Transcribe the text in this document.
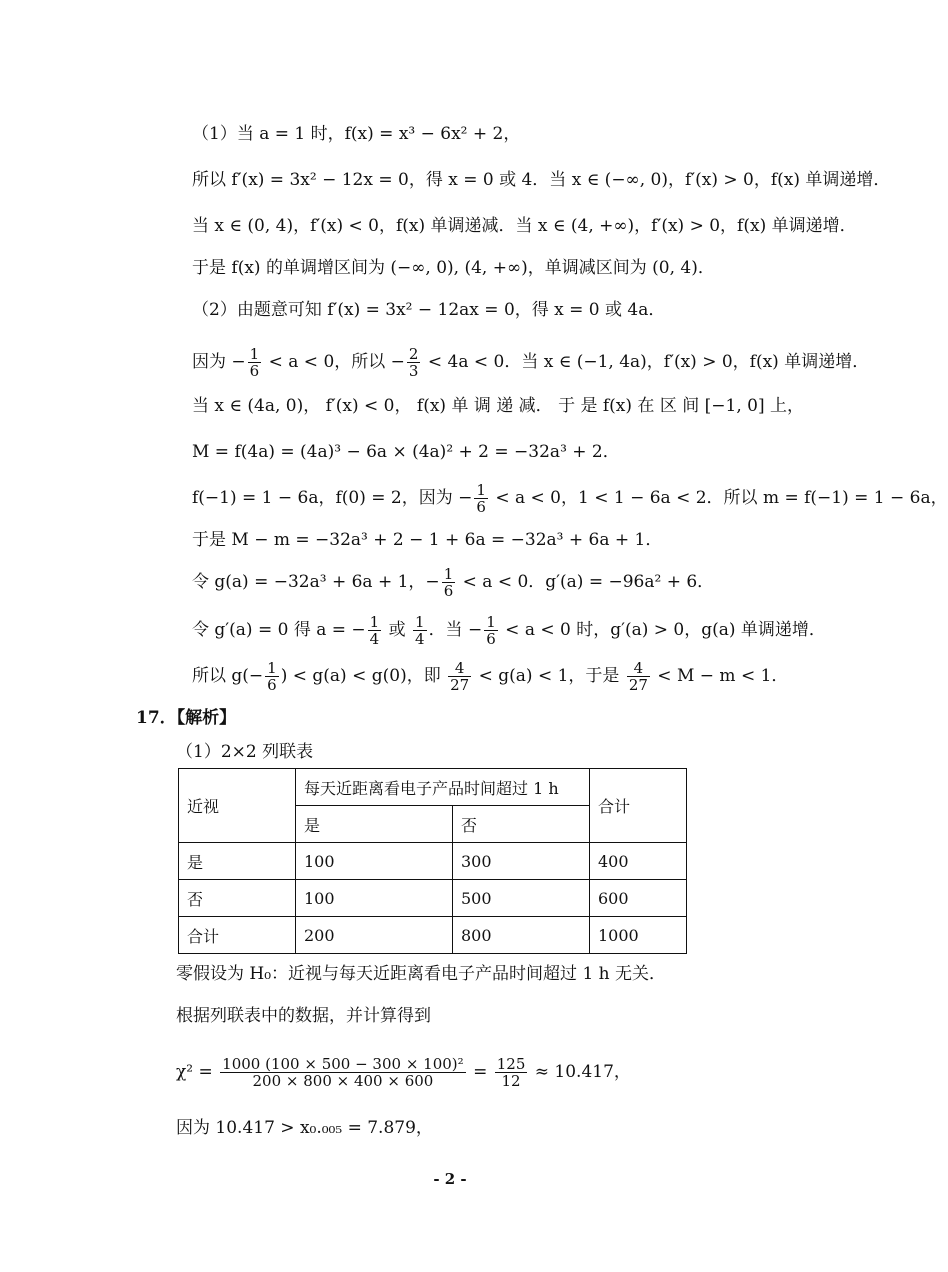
（1）当 a = 1 时，f(x) = x³ − 6x² + 2，
所以 f′(x) = 3x² − 12x = 0，得 x = 0 或 4．当 x ∈ (−∞, 0)，f′(x) > 0，f(x) 单调递增．
当 x ∈ (0, 4)，f′(x) < 0，f(x) 单调递减．当 x ∈ (4, +∞)，f′(x) > 0，f(x) 单调递增．
于是 f(x) 的单调增区间为 (−∞, 0), (4, +∞)，单调减区间为 (0, 4)．
（2）由题意可知 f′(x) = 3x² − 12ax = 0，得 x = 0 或 4a．
因为 − $\frac{1}{6} < a < 0$，所以 − $\frac{2}{3} < 4a < 0$．当 x ∈ (−1, 4a)，f′(x) > 0，f(x) 单调递增．
当 x ∈ (4a, 0)， f′(x) < 0， f(x) 单 调 递 减． 于 是 f(x) 在 区 间 [−1, 0] 上，
M = f(4a) = (4a)³ − 6a × (4a)² + 2 = −32a³ + 2．
f(−1) = 1 − 6a，f(0) = 2，因为 − $\frac{1}{6} < a < 0$，1 < 1 − 6a < 2．所以 m = f(−1) = 1 − 6a，
于是 M − m = −32a³ + 2 − 1 + 6a = −32a³ + 6a + 1．
令 g(a) = −32a³ + 6a + 1，− $\frac{1}{6} < a < 0$．g′(a) = −96a² + 6．
令 g′(a) = 0 得 a = − $\frac{1}{4}$ 或 $\frac{1}{4}$ ．当 − $\frac{1}{6} < a < 0$ 时，g′(a) > 0，g(a) 单调递增．
所以 $g(- \frac{1}{6}$ ) < g(a) < g(0)，即 $\frac{4}{27} < g(a) < 1$，于是 $\frac{4}{27} < M - m < 1$．
17．【解析】
（1）2×2 列联表
近视	每天近距离看电子产品时间超过 1 h		合计
	是	否	
是	100	300	400
否	100	500	600
合计	200	800	1000
零假设为 H₀：近视与每天近距离看电子产品时间超过 1 h 无关．
根据列联表中的数据，并计算得到
$\chi^2 = \frac{\text{1000 (100 × 500 − 300 × 100)²}}{200 \times 800 \times 400 \times 600} = \frac{125}{12} \approx 10.417$，
因为 10.417 > x₀.₀₀₅ = 7.879，
- 2 -
